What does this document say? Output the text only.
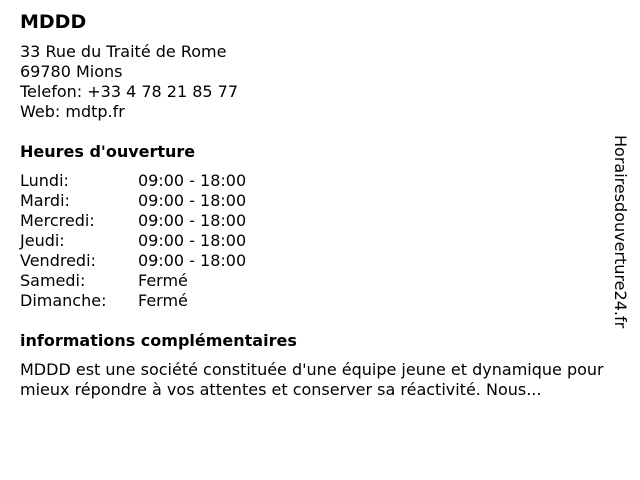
MDDD
33 Rue du Traité de Rome
69780 Mions
Telefon: +33 4 78 21 85 77
Web: mdtp.fr
Heures d'ouverture
Lundi:	09:00 - 18:00
Mardi:	09:00 - 18:00
Mercredi:	09:00 - 18:00
Jeudi:	09:00 - 18:00
Vendredi:	09:00 - 18:00
Samedi:	Fermé
Dimanche:	Fermé
informations complémentaires
MDDD est une société constituée d'une équipe jeune et dynamique pour mieux répondre à vos attentes et conserver sa réactivité. Nous...
Horairesdouverture24.fr
